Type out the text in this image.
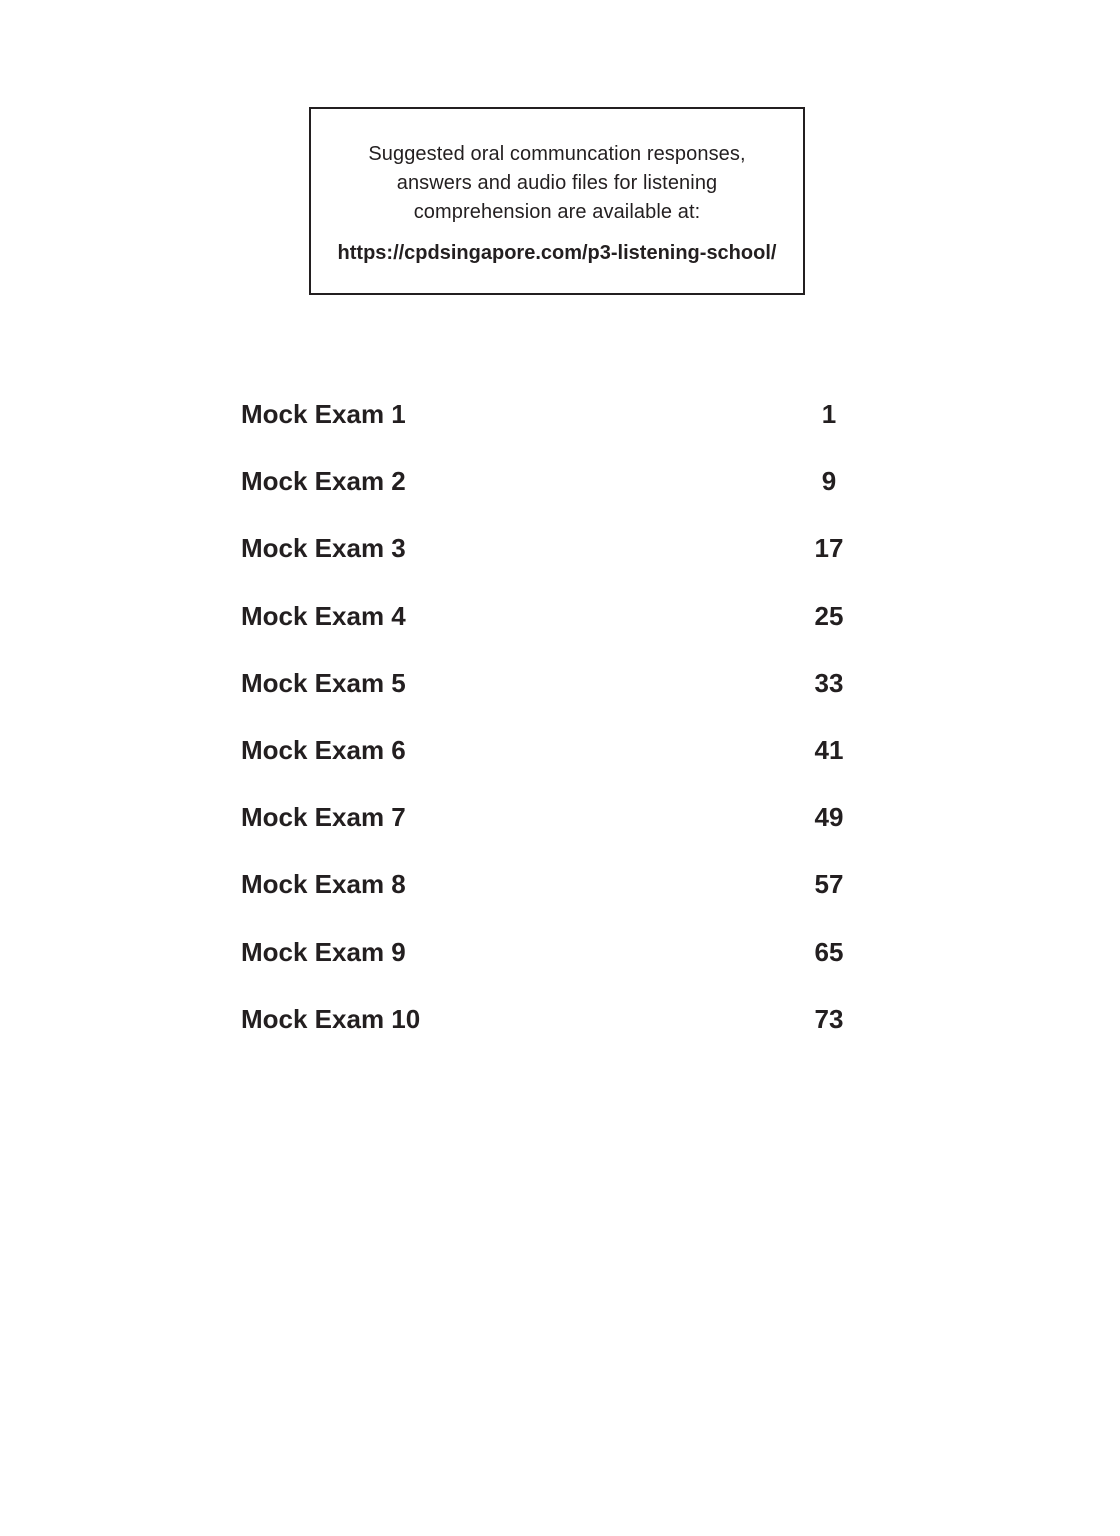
Suggested oral communcation responses,
answers and audio files for listening
comprehension are available at:
https://cpdsingapore.com/p3-listening-school/
Mock Exam 1	1
Mock Exam 2	9
Mock Exam 3	17
Mock Exam 4	25
Mock Exam 5	33
Mock Exam 6	41
Mock Exam 7	49
Mock Exam 8	57
Mock Exam 9	65
Mock Exam 10	73
